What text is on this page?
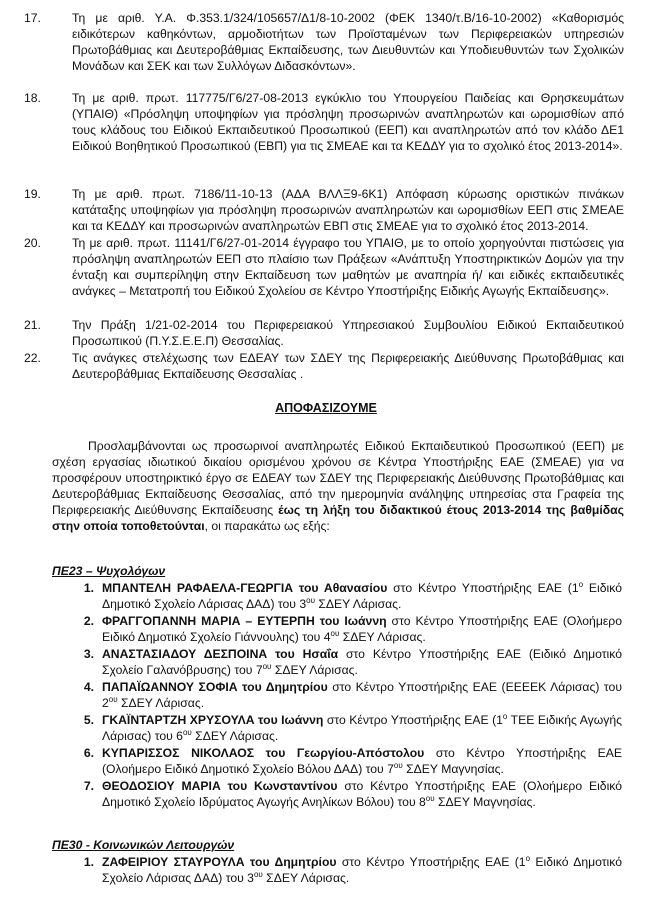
17.	Τη με αριθ. Υ.Α. Φ.353.1/324/105657/Δ1/8-10-2002 (ΦΕΚ 1340/τ.Β/16-10-2002) «Καθορισμός ειδικότερων καθηκόντων, αρμοδιοτήτων των Προϊσταμένων των Περιφερειακών υπηρεσιών Πρωτοβάθμιας και Δευτεροβάθμιας Εκπαίδευσης, των Διευθυντών και Υποδιευθυντών των Σχολικών Μονάδων και ΣΕΚ και των Συλλόγων Διδασκόντων».
18.	Τη με αριθ. πρωτ. 117775/Γ6/27-08-2013 εγκύκλιο του Υπουργείου Παιδείας και Θρησκευμάτων (ΥΠΑΙΘ) «Πρόσληψη υποψηφίων για πρόσληψη προσωρινών αναπληρωτών και ωρομισθίων από τους κλάδους του Ειδικού Εκπαιδευτικού Προσωπικού (ΕΕΠ) και αναπληρωτών από τον κλάδο ΔΕ1 Ειδικού Βοηθητικού Προσωπικού (ΕΒΠ) για τις ΣΜΕΑΕ και τα ΚΕΔΔΥ για το σχολικό έτος 2013-2014».
19.	Τη με αριθ. πρωτ. 7186/11-10-13 (ΑΔΑ ΒΛΛΞ9-6Κ1) Απόφαση κύρωσης οριστικών πινάκων κατάταξης υποψηφίων για πρόσληψη προσωρινών αναπληρωτών και ωρομισθίων ΕΕΠ στις ΣΜΕΑΕ και τα ΚΕΔΔΥ και προσωρινών αναπληρωτών ΕΒΠ στις ΣΜΕΑΕ για το σχολικό έτος 2013-2014.
20.	Τη με αριθ. πρωτ. 11141/Γ6/27-01-2014 έγγραφο του ΥΠΑΙΘ, με το οποίο χορηγούνται πιστώσεις για πρόσληψη αναπληρωτών ΕΕΠ στο πλαίσιο των Πράξεων «Ανάπτυξη Υποστηρικτικών Δομών για την ένταξη και συμπερίληψη στην Εκπαίδευση των μαθητών με αναπηρία ή/ και ειδικές εκπαιδευτικές ανάγκες – Μετατροπή του Ειδικού Σχολείου σε Κέντρο Υποστήριξης Ειδικής Αγωγής Εκπαίδευσης».
21.	Την Πράξη 1/21-02-2014 του Περιφερειακού Υπηρεσιακού Συμβουλίου Ειδικού Εκπαιδευτικού Προσωπικού (Π.Υ.Σ.Ε.Ε.Π) Θεσσαλίας.
22.	Τις ανάγκες στελέχωσης των ΕΔΕΑΥ των ΣΔΕΥ της Περιφερειακής Διεύθυνσης Πρωτοβάθμιας και Δευτεροβάθμιας Εκπαίδευσης Θεσσαλίας .
ΑΠΟΦΑΣΙΖΟΥΜΕ
Προσλαμβάνονται ως προσωρινοί αναπληρωτές Ειδικού Εκπαιδευτικού Προσωπικού (ΕΕΠ) με σχέση εργασίας ιδιωτικού δικαίου ορισμένου χρόνου σε Κέντρα Υποστήριξης ΕΑΕ (ΣΜΕΑΕ) για να προσφέρουν υποστηρικτικό έργο σε ΕΔΕΑΥ των ΣΔΕΥ της Περιφερειακής Διεύθυνσης Πρωτοβάθμιας και Δευτεροβάθμιας Εκπαίδευσης Θεσσαλίας, από την ημερομηνία ανάληψης υπηρεσίας στα Γραφεία της Περιφερειακής Διεύθυνσης Εκπαίδευσης έως τη λήξη του διδακτικού έτους 2013-2014 της βαθμίδας στην οποία τοποθετούνται, οι παρακάτω ως εξής:
ΠΕ23 – Ψυχολόγων
1. ΜΠΑΝΤΕΛΗ ΡΑΦΑΕΛΑ-ΓΕΩΡΓΙΑ του Αθανασίου στο Κέντρο Υποστήριξης ΕΑΕ ($1^o$ Ειδικό Δημοτικό Σχολείο Λάρισας ΔΑΔ) του $3^{o\upsilon}$ ΣΔΕΥ Λάρισας.
2. ΦΡΑΓΓΟΠΑΝΝΗ ΜΑΡΙΑ – ΕΥΤΕΡΠΗ του Ιωάννη στο Κέντρο Υποστήριξης ΕΑΕ (Ολοήμερο Ειδικό Δημοτικό Σχολείο Γιάννουλης) του $4^{o\upsilon}$ ΣΔΕΥ Λάρισας.
3. ΑΝΑΣΤΑΣΙΑΔΟΥ ΔΕΣΠΟΙΝΑ του Ησαΐα στο Κέντρο Υποστήριξης ΕΑΕ (Ειδικό Δημοτικό Σχολείο Γαλανόβρυσης) του $7^{o\upsilon}$ ΣΔΕΥ Λάρισας.
4. ΠΑΠΑΪΩΑΝΝΟΥ ΣΟΦΙΑ του Δημητρίου στο Κέντρο Υποστήριξης ΕΑΕ (ΕΕΕΕΚ Λάρισας) του $2^{o\upsilon}$ ΣΔΕΥ Λάρισας.
5. ΓΚΑΪΝΤΑΡΤΖΗ ΧΡΥΣΟΥΛΑ του Ιωάννη στο Κέντρο Υποστήριξης ΕΑΕ ($1^o$ ΤΕΕ Ειδικής Αγωγής Λάρισας) του $6^{o\upsilon}$ ΣΔΕΥ Λάρισας.
6. ΚΥΠΑΡΙΣΣΟΣ ΝΙΚΟΛΑΟΣ του Γεωργίου-Απόστολου στο Κέντρο Υποστήριξης ΕΑΕ (Ολοήμερο Ειδικό Δημοτικό Σχολείο Βόλου ΔΑΔ) του $7^{o\upsilon}$ ΣΔΕΥ Μαγνησίας.
7. ΘΕΟΔΟΣΙΟΥ ΜΑΡΙΑ του Κωνσταντίνου στο Κέντρο Υποστήριξης ΕΑΕ (Ολοήμερο Ειδικό Δημοτικό Σχολείο Ιδρύματος Αγωγής Ανηλίκων Βόλου) του $8^{o\upsilon}$ ΣΔΕΥ Μαγνησίας.
ΠΕ30 - Κοινωνικών Λειτουργών
1. ΖΑΦΕΙΡΙΟΥ ΣΤΑΥΡΟΥΛΑ του Δημητρίου στο Κέντρο Υποστήριξης ΕΑΕ ($1^o$ Ειδικό Δημοτικό Σχολείο Λάρισας ΔΑΔ) του $3^{o\upsilon}$ ΣΔΕΥ Λάρισας.
